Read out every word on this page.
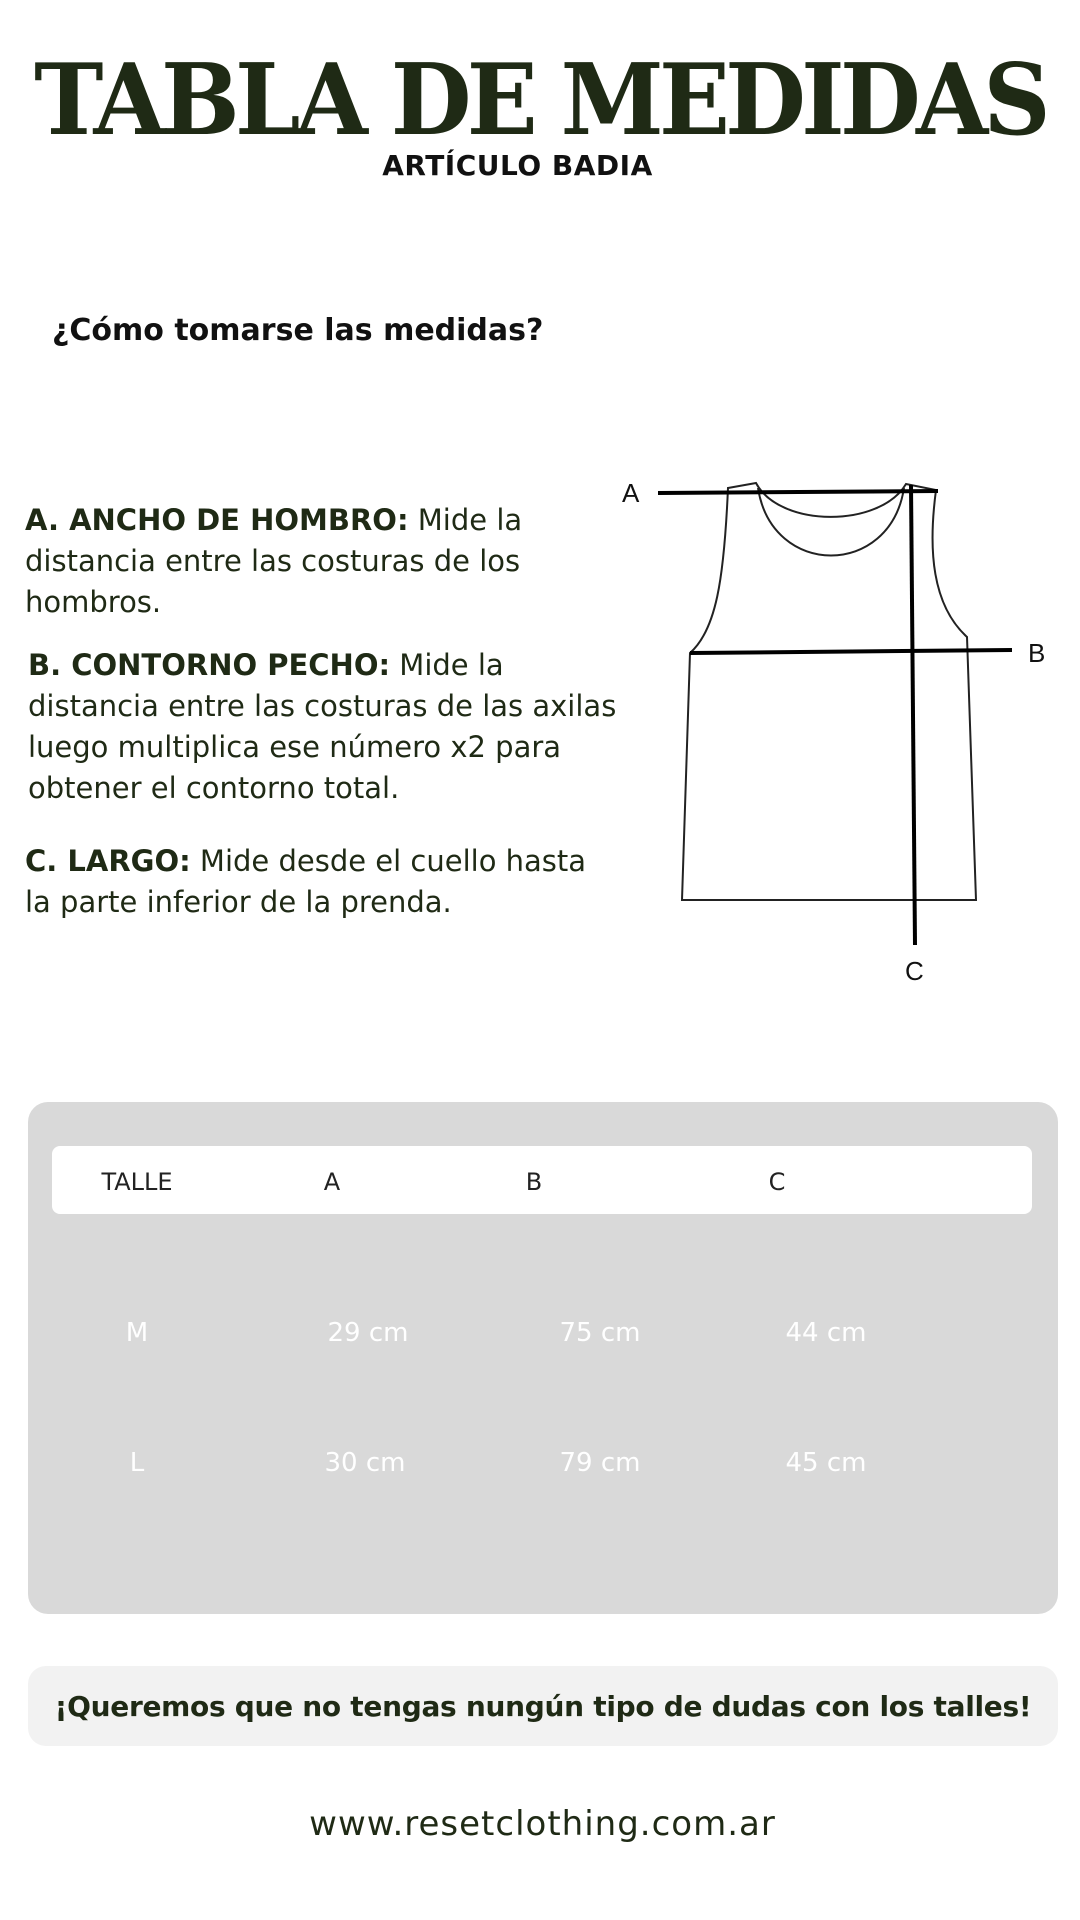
TABLA DE MEDIDAS
ARTÍCULO BADIA
¿Cómo tomarse las medidas?
A. ANCHO DE HOMBRO: Mide la distancia entre las costuras de los hombros.
B. CONTORNO PECHO: Mide la distancia entre las costuras de las axilas luego multiplica ese número x2 para obtener el contorno total.
C. LARGO: Mide desde el cuello hasta la parte inferior de la prenda.
A
B
C
TALLE	A	B	C
M	29 cm	75 cm	44 cm
L	30 cm	79 cm	45 cm
¡Queremos que no tengas nungún tipo de dudas con los talles!
www.resetclothing.com.ar
